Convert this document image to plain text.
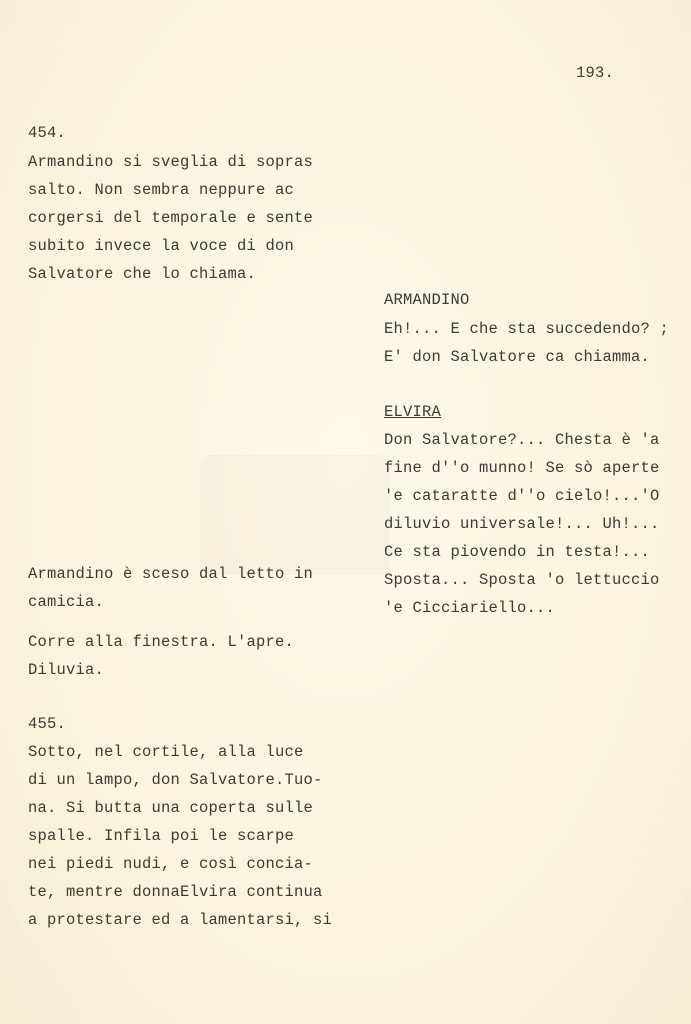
193.
454.
Armandino si sveglia di sopras
salto. Non sembra neppure ac
corgersi del temporale e sente
subito invece la voce di don
Salvatore che lo chiama.
ARMANDINO
Eh!... E che sta succedendo? ;
E' don Salvatore ca chiamma.
ELVIRA
Don Salvatore?... Chesta è 'a
fine d''o munno! Se sò aperte
'e cataratte d''o cielo!...'O
diluvio universale!... Uh!...
Ce sta piovendo in testa!...
Sposta... Sposta 'o lettuccio
'e Cicciariello...
Armandino è sceso dal letto in
camicia.
Corre alla finestra. L'apre.
Diluvia.
455.
Sotto, nel cortile, alla luce
di un lampo, don Salvatore.Tuo-
na. Si butta una coperta sulle
spalle. Infila poi le scarpe
nei piedi nudi, e così concia-
te, mentre donnaElvira continua
a protestare ed a lamentarsi, si
